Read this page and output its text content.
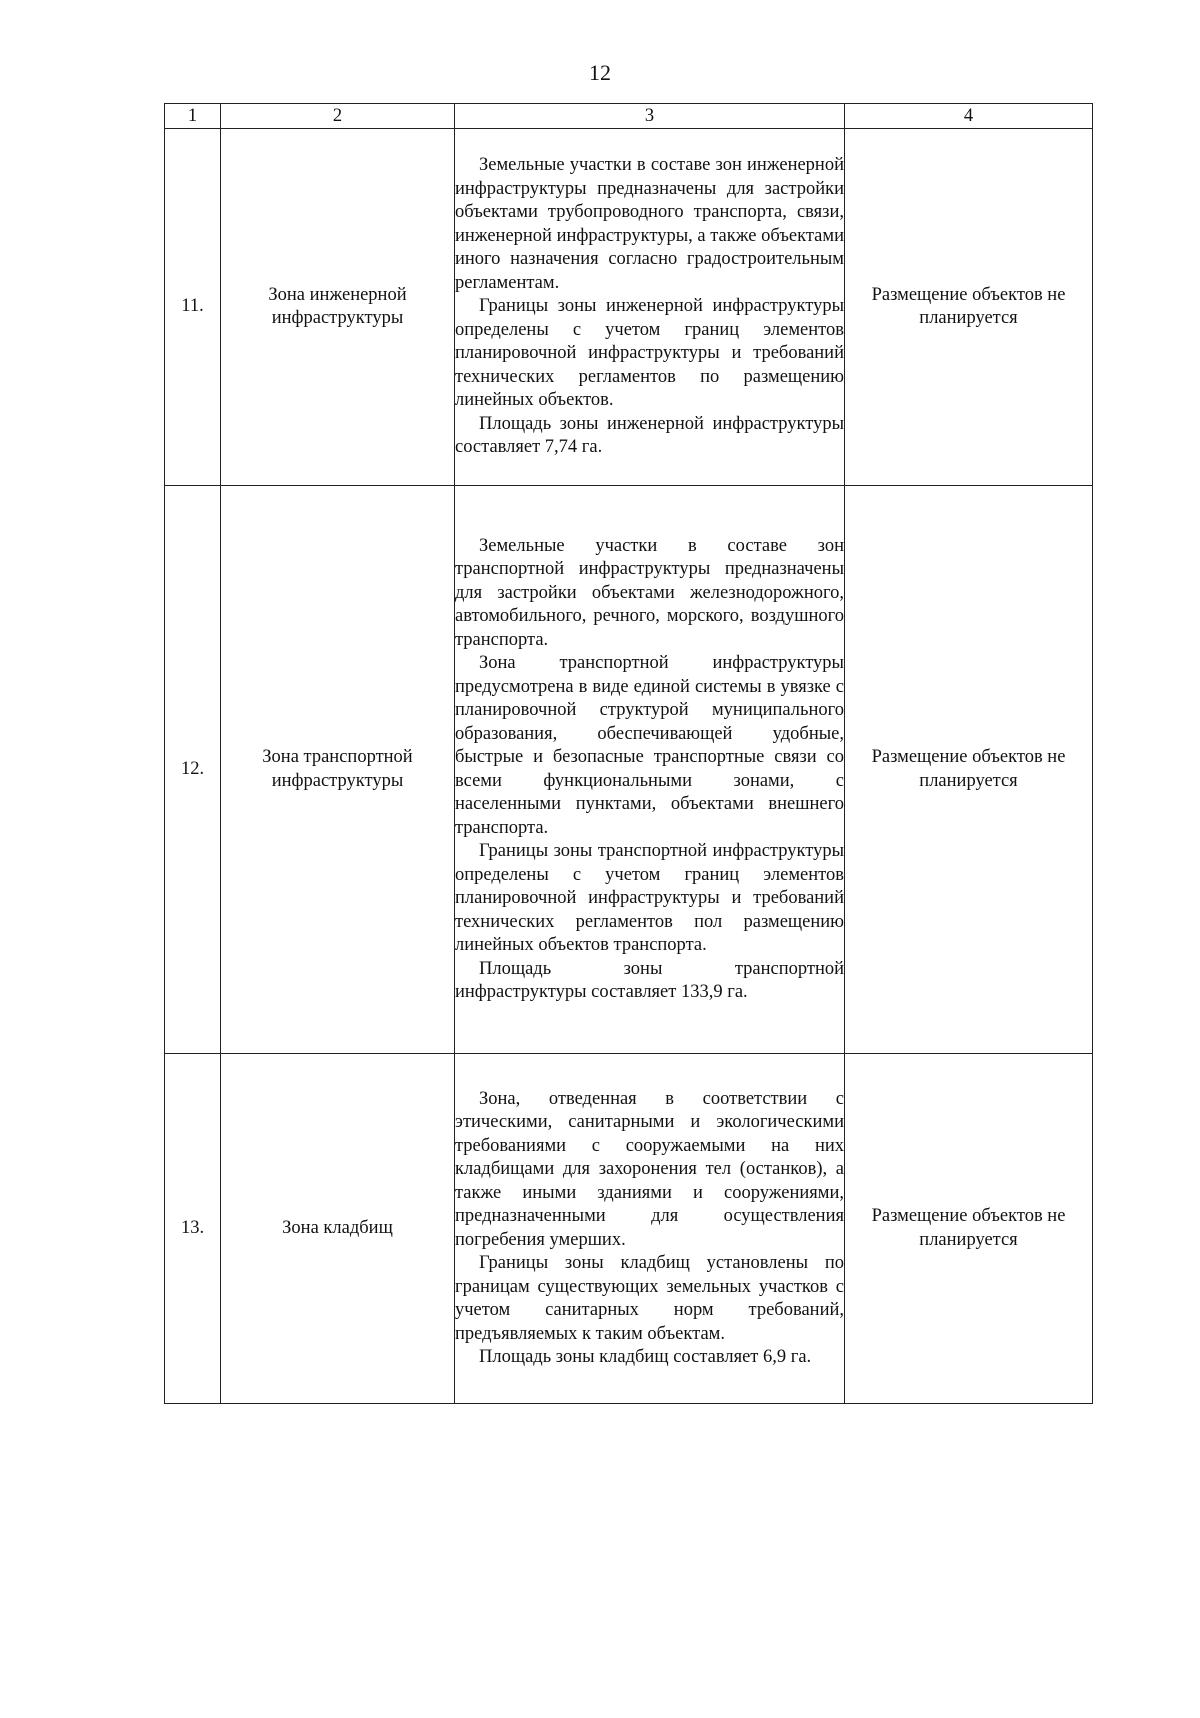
12
1	2	3	4
11.	Зона инженерной инфраструктуры	Земельные участки в составе зон инженерной инфраструктуры предназначены для застройки объектами трубопроводного транспорта, связи, инженерной инфраструктуры, а также объектами иного назначения согласно градостроительным регламентам.

Границы зоны инженерной инфраструктуры определены с учетом границ элементов планировочной инфраструктуры и требований технических регламентов по размещению линейных объектов.

Площадь зоны инженерной инфраструктуры составляет 7,74 га.	Размещение объектов не планируется
12.	Зона транспортной инфраструктуры	Земельные участки в составе зон транспортной инфраструктуры предназначены для застройки объектами железнодорожного, автомобильного, речного, морского, воздушного транспорта.

Зона транспортной инфраструктуры предусмотрена в виде единой системы в увязке с планировочной структурой муниципального образования, обеспечивающей удобные, быстрые и безопасные транспортные связи со всеми функциональными зонами, с населенными пунктами, объектами внешнего транспорта.

Границы зоны транспортной инфраструктуры определены с учетом границ элементов планировочной инфраструктуры и требований технических регламентов пол размещению линейных объектов транспорта.

Площадь зоны транспортной инфраструктуры составляет 133,9 га.	Размещение объектов не планируется
13.	Зона кладбищ	Зона, отведенная в соответствии с этическими, санитарными и экологическими требованиями с сооружаемыми на них кладбищами для захоронения тел (останков), а также иными зданиями и сооружениями, предназначенными для осуществления погребения умерших.

Границы зоны кладбищ установлены по границам существующих земельных участков с учетом санитарных норм требований, предъявляемых к таким объектам.

Площадь зоны кладбищ составляет 6,9 га.	Размещение объектов не планируется
